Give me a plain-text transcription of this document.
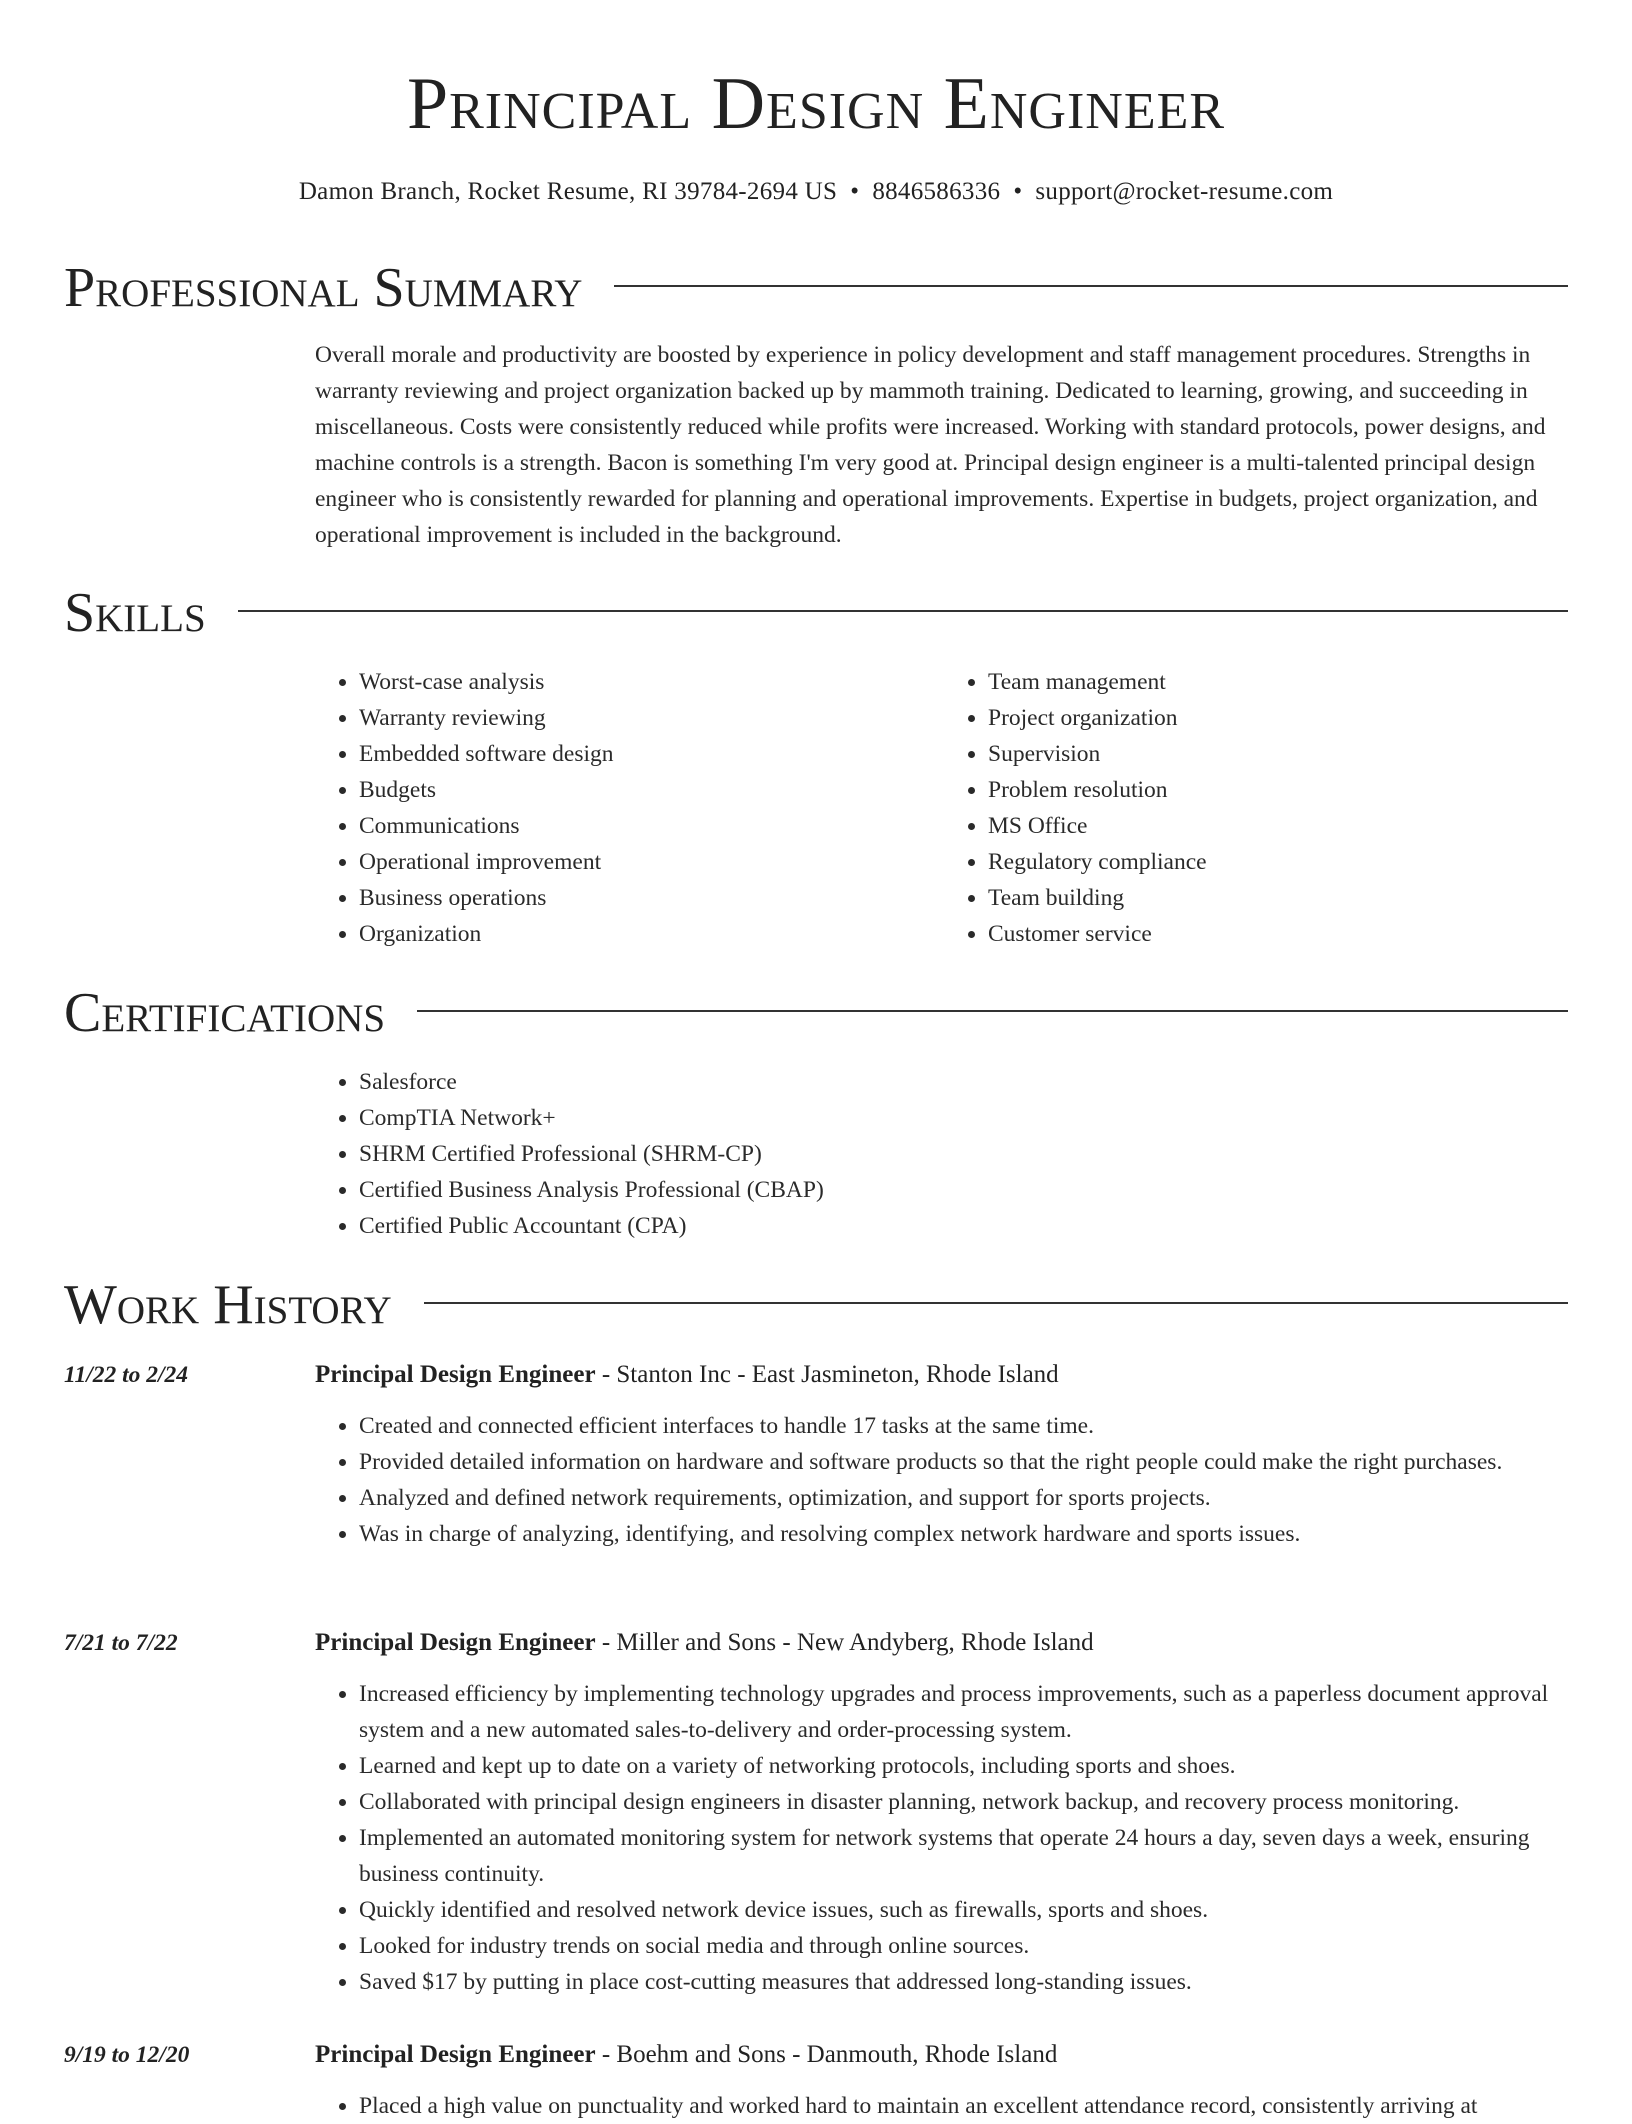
Principal Design Engineer
Damon Branch, Rocket Resume, RI 39784-2694 US • 8846586336 • support@rocket-resume.com
Professional Summary
Overall morale and productivity are boosted by experience in policy development and staff management procedures. Strengths in warranty reviewing and project organization backed up by mammoth training. Dedicated to learning, growing, and succeeding in miscellaneous. Costs were consistently reduced while profits were increased. Working with standard protocols, power designs, and machine controls is a strength. Bacon is something I'm very good at. Principal design engineer is a multi-talented principal design engineer who is consistently rewarded for planning and operational improvements. Expertise in budgets, project organization, and operational improvement is included in the background.
Skills
• Worst-case analysis
• Warranty reviewing
• Embedded software design
• Budgets
• Communications
• Operational improvement
• Business operations
• Organization
• Team management
• Project organization
• Supervision
• Problem resolution
• MS Office
• Regulatory compliance
• Team building
• Customer service
Certifications
• Salesforce
• CompTIA Network+
• SHRM Certified Professional (SHRM-CP)
• Certified Business Analysis Professional (CBAP)
• Certified Public Accountant (CPA)
Work History
11/22 to 2/24	Principal Design Engineer - Stanton Inc - East Jasmineton, Rhode Island
• Created and connected efficient interfaces to handle 17 tasks at the same time.
• Provided detailed information on hardware and software products so that the right people could make the right purchases.
• Analyzed and defined network requirements, optimization, and support for sports projects.
• Was in charge of analyzing, identifying, and resolving complex network hardware and sports issues.
7/21 to 7/22	Principal Design Engineer - Miller and Sons - New Andyberg, Rhode Island
• Increased efficiency by implementing technology upgrades and process improvements, such as a paperless document approval system and a new automated sales-to-delivery and order-processing system.
• Learned and kept up to date on a variety of networking protocols, including sports and shoes.
• Collaborated with principal design engineers in disaster planning, network backup, and recovery process monitoring.
• Implemented an automated monitoring system for network systems that operate 24 hours a day, seven days a week, ensuring business continuity.
• Quickly identified and resolved network device issues, such as firewalls, sports and shoes.
• Looked for industry trends on social media and through online sources.
• Saved $17 by putting in place cost-cutting measures that addressed long-standing issues.
9/19 to 12/20	Principal Design Engineer - Boehm and Sons - Danmouth, Rhode Island
• Placed a high value on punctuality and worked hard to maintain an excellent attendance record, consistently arriving at
